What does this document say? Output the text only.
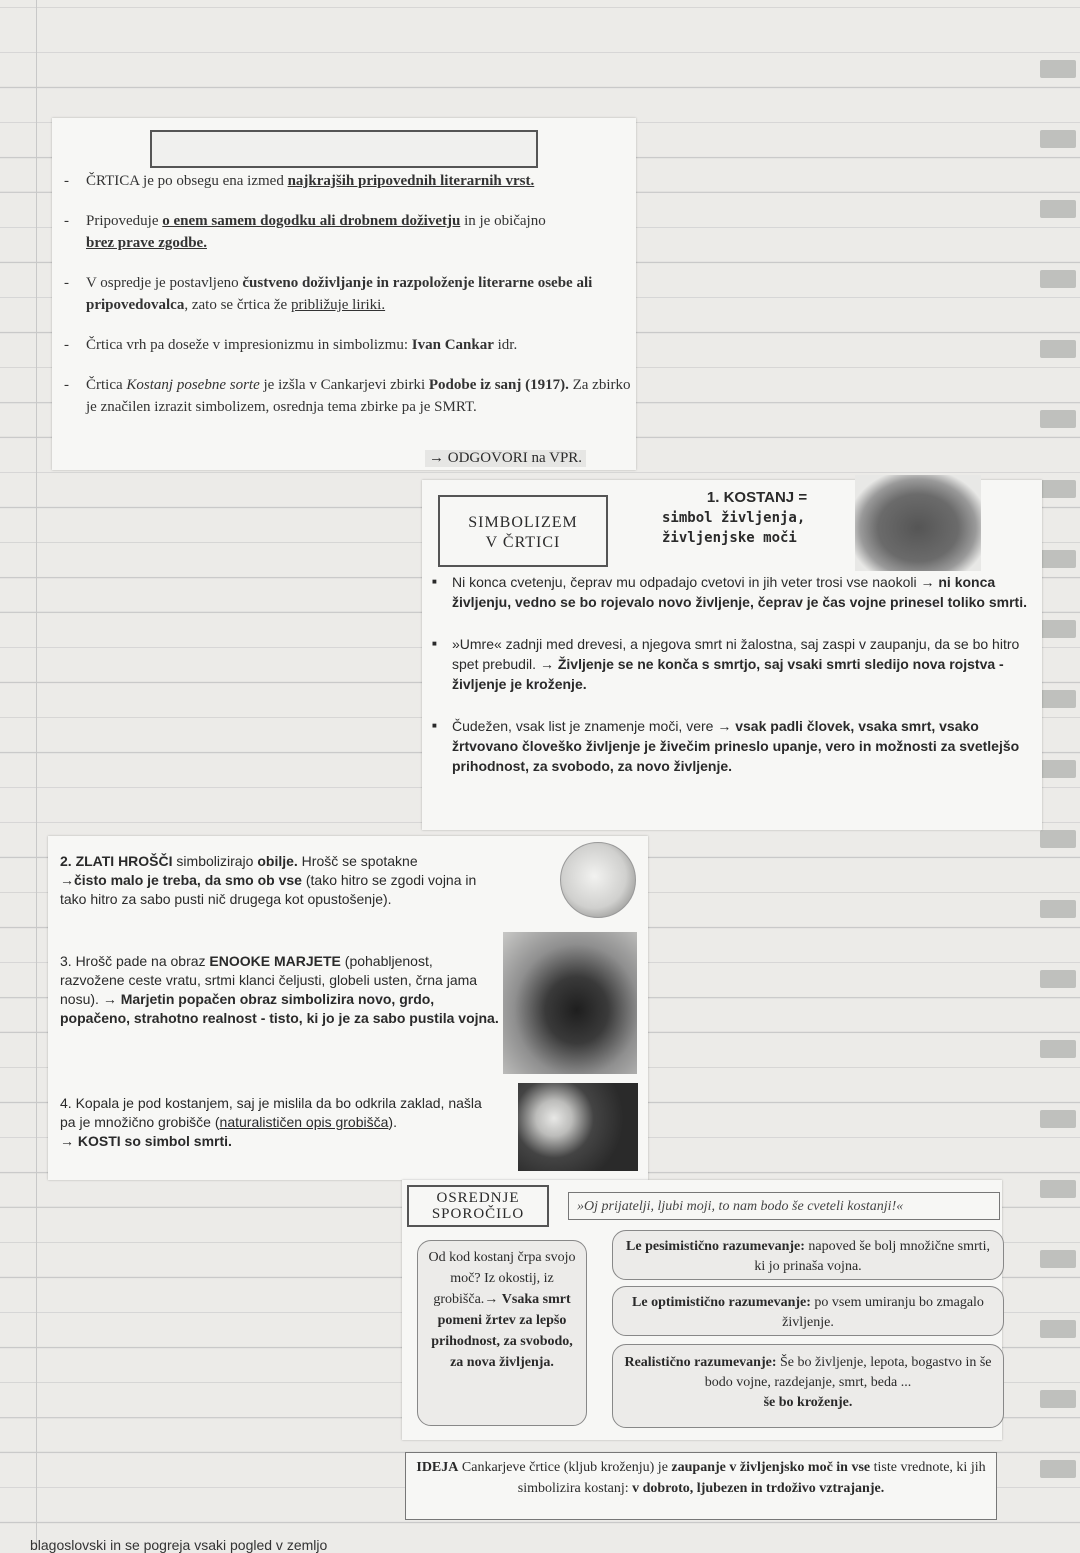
- ČRTICA je po obsegu ena izmed najkrajših pripovednih literarnih vrst.
- Pripoveduje o enem samem dogodku ali drobnem doživetju in je običajno
brez prave zgodbe.
- V ospredje je postavljeno čustveno doživljanje in razpoloženje literarne osebe ali pripovedovalca, zato se črtica že približuje liriki.
- Črtica vrh pa doseže v impresionizmu in simbolizmu: Ivan Cankar idr.
- Črtica Kostanj posebne sorte je izšla v Cankarjevi zbirki Podobe iz sanj (1917). Za zbirko je značilen izrazit simbolizem, osrednja tema zbirke pa je SMRT.
→ ODGOVORI na VPR.
SIMBOLIZEM
V ČRTICI
1. KOSTANJ =
simbol življenja,
življenjske moči
■ Ni konca cvetenju, čeprav mu odpadajo cvetovi in jih veter trosi vse naokoli → ni konca življenju, vedno se bo rojevalo novo življenje, čeprav je čas vojne prinesel toliko smrti.
■ »Umre« zadnji med drevesi, a njegova smrt ni žalostna, saj zaspi v zaupanju, da se bo hitro spet prebudil. → Življenje se ne konča s smrtjo, saj vsaki smrti sledijo nova rojstva - življenje je kroženje.
■ Čudežen, vsak list je znamenje moči, vere → vsak padli človek, vsaka smrt, vsako žrtvovano človeško življenje je živečim prineslo upanje, vero in možnosti za svetlejšo prihodnost, za svobodo, za novo življenje.
2. ZLATI HROŠČI simbolizirajo obilje. Hrošč se spotakne
→čisto malo je treba, da smo ob vse (tako hitro se zgodi vojna in tako hitro za sabo pusti nič drugega kot opustošenje).
3. Hrošč pade na obraz ENOOKE MARJETE (pohabljenost, razvožene ceste vratu, srtmi klanci čeljusti, globeli usten, črna jama nosu). → Marjetin popačen obraz simbolizira novo, grdo, popačeno, strahotno realnost - tisto, ki jo je za sabo pustila vojna.
4. Kopala je pod kostanjem, saj je mislila da bo odkrila zaklad, našla pa je množično grobišče (naturalističen opis grobišča).
→ KOSTI so simbol smrti.
OSREDNJE
SPOROČILO	»Oj prijatelji, ljubi moji, to nam bodo še cveteli kostanji!«
Od kod kostanj črpa svojo moč? Iz okostij, iz grobišča.→ Vsaka smrt pomeni žrtev za lepšo prihodnost, za svobodo, za nova življenja.
Le pesimistično razumevanje: napoved še bolj množične smrti, ki jo prinaša vojna.
Le optimistično razumevanje: po vsem umiranju bo zmagalo življenje.
Realistično razumevanje: Še bo življenje, lepota, bogastvo in še bodo vojne, razdejanje, smrt, beda ...
še bo kroženje.
IDEJA Cankarjeve črtice (kljub kroženju) je zaupanje v življenjsko moč in vse tiste vrednote, ki jih simbolizira kostanj: v dobroto, ljubezen in trdoživo vztrajanje.
blagoslovski in se pogreja vsaki pogled v zemljo
